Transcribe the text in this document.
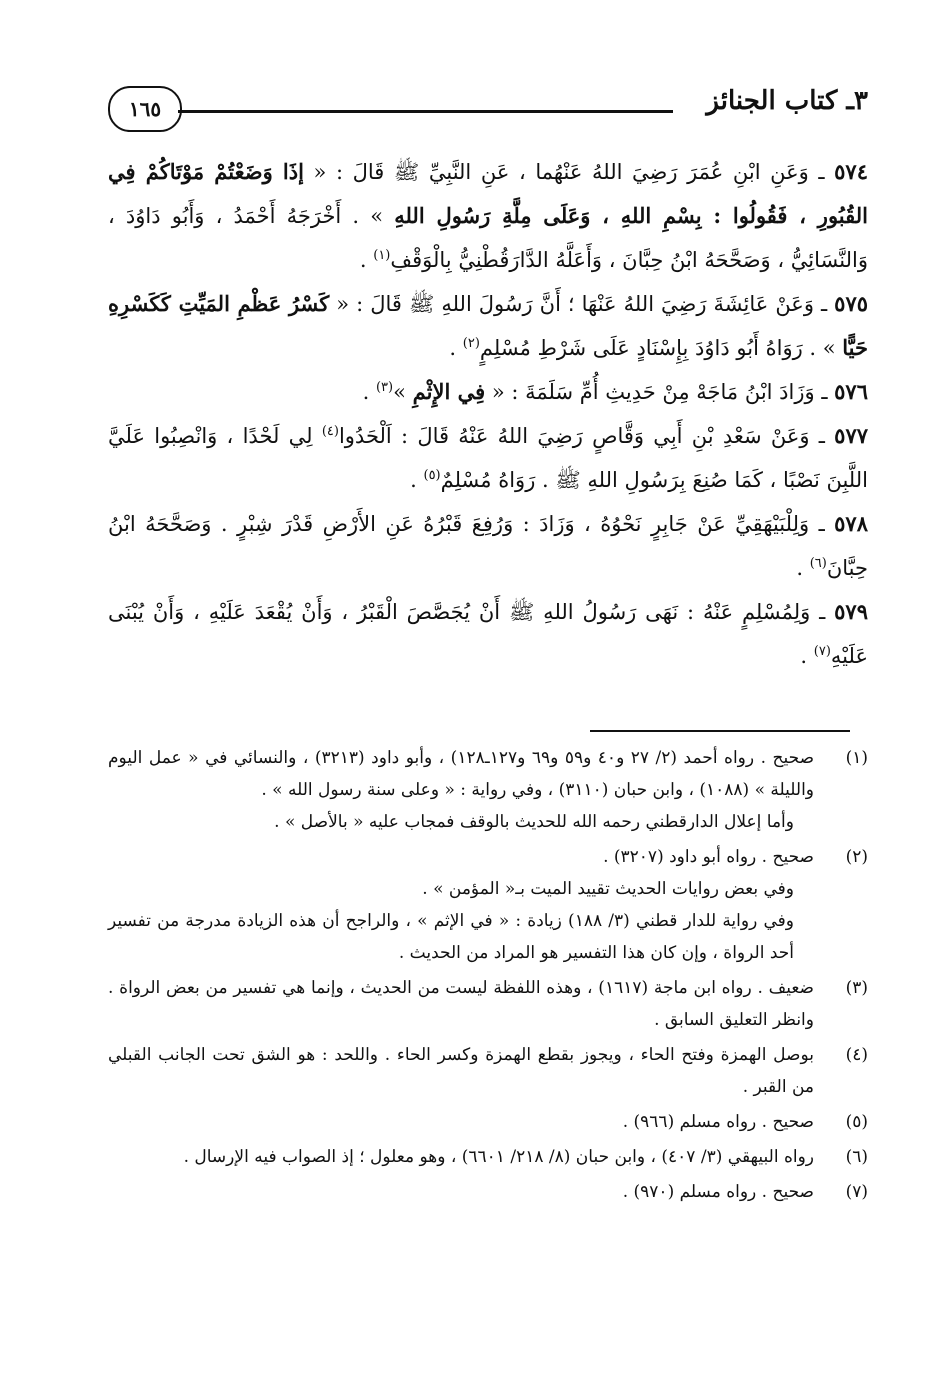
٣ـ كتاب الجنائز
١٦٥

٥٧٤ ـ وَعَنِ ابْنِ عُمَرَ رَضِيَ اللهُ عَنْهُما ، عَنِ النَّبِيِّ ﷺ قَالَ : « إذَا وَضَعْتُمْ مَوْتَاكُمْ فِي القُبُورِ ، فَقُولُوا : بِسْمِ اللهِ ، وَعَلَى مِلَّةِ رَسُولِ اللهِ » . أَخْرَجَهُ أَحْمَدُ ، وَأَبُو دَاوُدَ ، وَالنَّسَائِيُّ ، وَصَحَّحَهُ ابْنُ حِبَّانَ ، وَأَعَلَّهُ الدَّارَقُطْنِيُّ بِالْوَقْفِ$^{(١)}$ .

٥٧٥ ـ وَعَنْ عَائِشَةَ رَضِيَ اللهُ عَنْهَا ؛ أَنَّ رَسُولَ اللهِ ﷺ قَالَ : « كَسْرُ عَظْمِ المَيِّتِ كَكَسْرِهِ حَيًّا » . رَوَاهُ أَبُو دَاوُدَ بِإِسْنَادٍ عَلَى شَرْطِ مُسْلِمٍ$^{(٢)}$ .

٥٧٦ ـ وَزَادَ ابْنُ مَاجَهْ مِنْ حَدِيثِ أُمِّ سَلَمَةَ : « فِي الإِثْمِ »$^{(٣)}$ .

٥٧٧ ـ وَعَنْ سَعْدِ بْنِ أَبِي وَقَّاصٍ رَضِيَ اللهُ عَنْهُ قَالَ : اَلْحَدُوا$^{(٤)}$ لِي لَحْدًا ، وَانْصِبُوا عَلَيَّ اللَّبِنَ نَصْبًا ، كَمَا صُنِعَ بِرَسُولِ اللهِ ﷺ . رَوَاهُ مُسْلِمٌ$^{(٥)}$ .

٥٧٨ ـ وَلِلْبَيْهَقِيِّ عَنْ جَابِرٍ نَحْوُهُ ، وَزَادَ : وَرُفِعَ قَبْرُهُ عَنِ الأَرْضِ قَدْرَ شِبْرٍ . وَصَحَّحَهُ ابْنُ حِبَّانَ$^{(٦)}$ .

٥٧٩ ـ وَلِمُسْلِمٍ عَنْهُ : نَهَى رَسُولُ اللهِ ﷺ أَنْ يُجَصَّصَ الْقَبْرُ ، وَأَنْ يُقْعَدَ عَلَيْهِ ، وَأَنْ يُبْنَى عَلَيْهِ$^{(٧)}$ .

(١)

صحيح . رواه أحمد (٢/ ٢٧ و٤٠ و٥٩ و٦٩ و١٢٧ـ١٢٨) ، وأبو داود (٣٢١٣) ، والنسائي في « عمل اليوم والليلة » (١٠٨٨) ، وابن حبان (٣١١٠) ، وفي رواية : « وعلى سنة رسول الله » .

وأما إعلال الدارقطني رحمه الله للحديث بالوقف فمجاب عليه « بالأصل » .

(٢)

صحيح . رواه أبو داود (٣٢٠٧) .

وفي بعض روايات الحديث تقييد الميت بـ« المؤمن » .

وفي رواية للدار قطني (٣/ ١٨٨) زيادة : « في الإثم » ، والراجح أن هذه الزيادة مدرجة من تفسير أحد الرواة ، وإن كان هذا التفسير هو المراد من الحديث .

(٣)

ضعيف . رواه ابن ماجة (١٦١٧) ، وهذه اللفظة ليست من الحديث ، وإنما هي تفسير من بعض الرواة . وانظر التعليق السابق .

(٤)

بوصل الهمزة وفتح الحاء ، ويجوز بقطع الهمزة وكسر الحاء . واللحد : هو الشق تحت الجانب القبلي من القبر .

(٥)

صحيح . رواه مسلم (٩٦٦) .

(٦)

رواه البيهقي (٣/ ٤٠٧) ، وابن حبان (٨/ ٢١٨/ ٦٦٠١) ، وهو معلول ؛ إذ الصواب فيه الإرسال .

(٧)

صحيح . رواه مسلم (٩٧٠) .
